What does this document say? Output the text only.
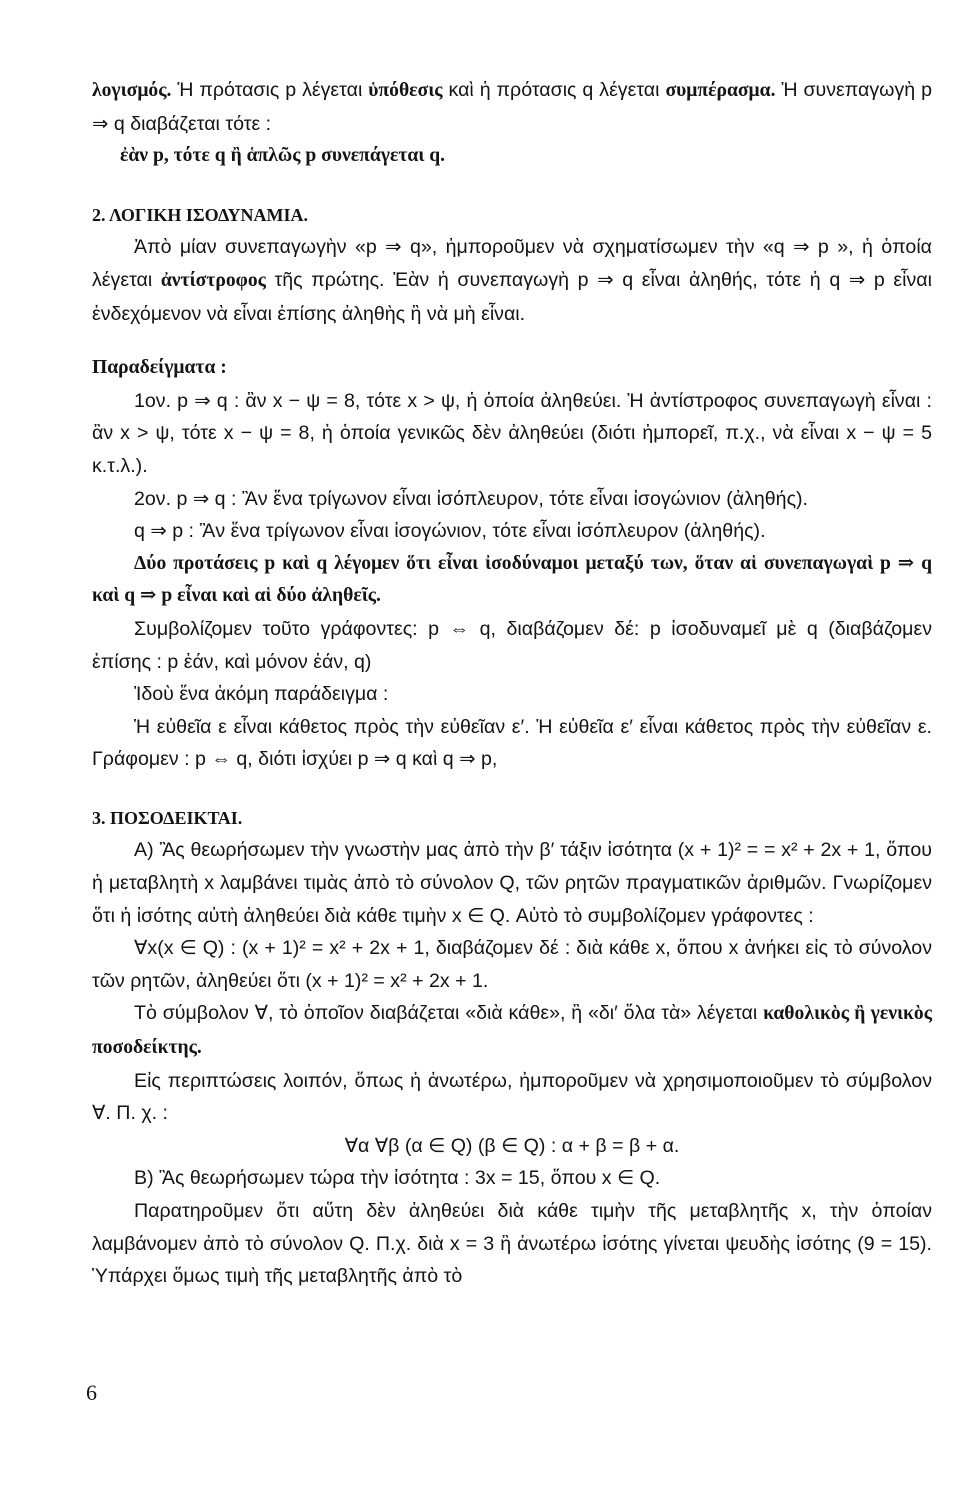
λογισμός. Ἡ πρότασις p λέγεται ὑπόθεσις καὶ ἡ πρότασις q λέγεται συμπέρασμα. Ἡ συνεπαγωγὴ p ⇒ q διαβάζεται τότε :

ἐὰν p, τότε q ἢ ἁπλῶς p συνεπάγεται q.

2. ΛΟΓΙΚΗ ΙΣΟΔΥΝΑΜΙΑ.

Ἀπὸ μίαν συνεπαγωγὴν «p ⇒ q», ἠμποροῦμεν νὰ σχηματίσωμεν τὴν «q ⇒ p », ἡ ὁποία λέγεται ἀντίστροφος τῆς πρώτης. Ἐὰν ἡ συνεπαγωγὴ p ⇒ q εἶναι ἀληθής, τότε ἡ q ⇒ p εἶναι ἐνδεχόμενον νὰ εἶναι ἐπίσης ἀληθὴς ἢ νὰ μὴ εἶναι.

Παραδείγματα :

1ον. p ⇒ q : ἂν x − ψ = 8, τότε x > ψ, ἡ ὁποία ἀληθεύει. Ἡ ἀντίστροφος συνεπαγωγὴ εἶναι : ἂν x > ψ, τότε x − ψ = 8, ἡ ὁποία γενικῶς δὲν ἀληθεύει (διότι ἠμπορεῖ, π.χ., νὰ εἶναι x − ψ = 5 κ.τ.λ.).

2ον. p ⇒ q : Ἂν ἕνα τρίγωνον εἶναι ἰσόπλευρον, τότε εἶναι ἰσογώνιον (ἀληθής).

q ⇒ p : Ἂν ἕνα τρίγωνον εἶναι ἰσογώνιον, τότε εἶναι ἰσόπλευρον (ἀληθής).

Δύο προτάσεις p καὶ q λέγομεν ὅτι εἶναι ἰσοδύναμοι μεταξύ των, ὅταν αἱ συνεπαγωγαὶ p ⇒ q καὶ q ⇒ p εἶναι καὶ αἱ δύο ἀληθεῖς.

Συμβολίζομεν τοῦτο γράφοντες: p ⇔ q, διαβάζομεν δέ: p ἰσοδυναμεῖ μὲ q (διαβάζομεν ἐπίσης : p ἐάν, καὶ μόνον ἐάν, q)

Ἰδοὺ ἕνα ἀκόμη παράδειγμα :

Ἡ εὐθεῖα ε εἶναι κάθετος πρὸς τὴν εὐθεῖαν ε′. Ἡ εὐθεῖα ε′ εἶναι κάθετος πρὸς τὴν εὐθεῖαν ε. Γράφομεν : p ⇔ q, διότι ἰσχύει p ⇒ q καὶ q ⇒ p,

3. ΠΟΣΟΔΕΙΚΤΑΙ.

Α) Ἂς θεωρήσωμεν τὴν γνωστὴν μας ἀπὸ τὴν β′ τάξιν ἰσότητα (x + 1)² = = x² + 2x + 1, ὅπου ἡ μεταβλητὴ x λαμβάνει τιμὰς ἀπὸ τὸ σύνολον Q, τῶν ρητῶν πραγματικῶν ἀριθμῶν. Γνωρίζομεν ὅτι ἡ ἰσότης αὐτὴ ἀληθεύει διὰ κάθε τιμὴν x ∈ Q. Αὐτὸ τὸ συμβολίζομεν γράφοντες :

∀x(x ∈ Q) : (x + 1)² = x² + 2x + 1, διαβάζομεν δέ : διὰ κάθε x, ὅπου x ἀνήκει εἰς τὸ σύνολον τῶν ρητῶν, ἀληθεύει ὅτι (x + 1)² = x² + 2x + 1.

Τὸ σύμβολον ∀, τὸ ὁποῖον διαβάζεται «διὰ κάθε», ἢ «δι′ ὅλα τὰ» λέγεται καθολικὸς ἢ γενικὸς ποσοδείκτης.

Εἰς περιπτώσεις λοιπόν, ὅπως ἡ ἀνωτέρω, ἠμποροῦμεν νὰ χρησιμοποιοῦμεν τὸ σύμβολον ∀. Π. χ. :

∀α ∀β (α ∈ Q) (β ∈ Q) : α + β = β + α.

Β) Ἂς θεωρήσωμεν τώρα τὴν ἰσότητα : 3x = 15, ὅπου x ∈ Q.

Παρατηροῦμεν ὅτι αὕτη δὲν ἀληθεύει διὰ κάθε τιμὴν τῆς μεταβλητῆς x, τὴν ὁποίαν λαμβάνομεν ἀπὸ τὸ σύνολον Q. Π.χ. διὰ x = 3 ἢ ἀνωτέρω ἰσότης γίνεται ψευδὴς ἰσότης (9 = 15). Ὑπάρχει ὅμως τιμὴ τῆς μεταβλητῆς ἀπὸ τὸ

6
